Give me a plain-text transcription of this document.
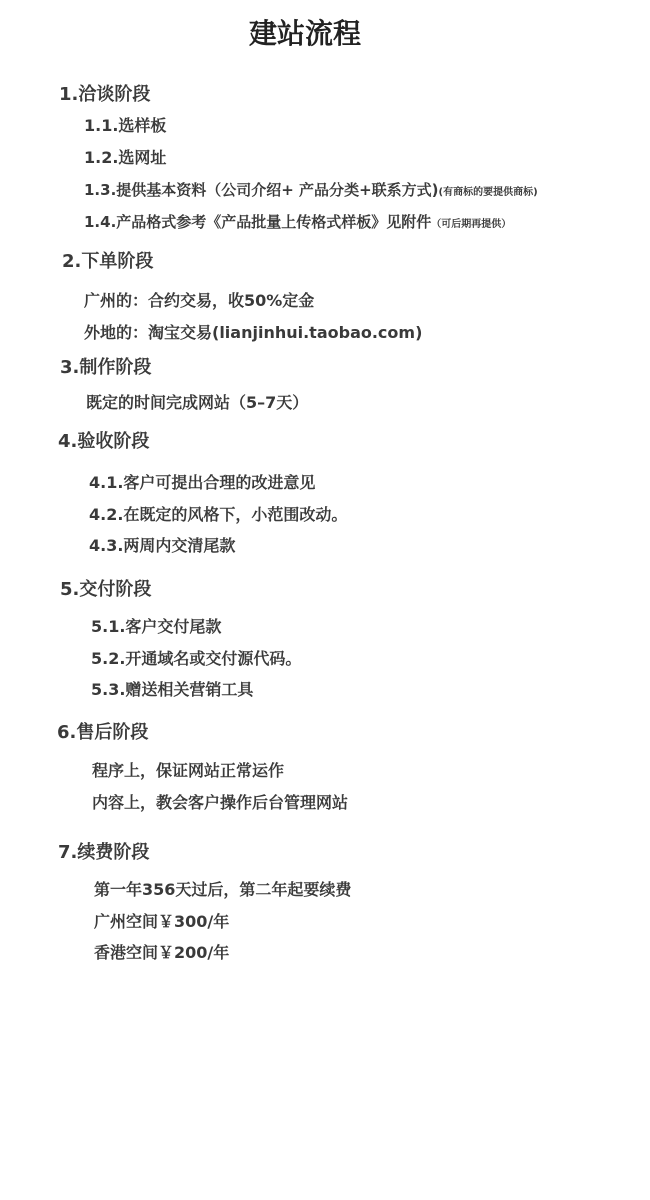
建站流程
1.洽谈阶段
1.1.选样板
1.2.选网址
1.3.提供基本资料（公司介绍+ 产品分类+联系方式)(有商标的要提供商标)
1.4.产品格式参考《产品批量上传格式样板》见附件（可后期再提供）
2.下单阶段
广州的：合约交易，收50%定金
外地的：淘宝交易(lianjinhui.taobao.com)
3.制作阶段
既定的时间完成网站（5–7天）
4.验收阶段
4.1.客户可提出合理的改进意见
4.2.在既定的风格下，小范围改动。
4.3.两周内交清尾款
5.交付阶段
5.1.客户交付尾款
5.2.开通域名或交付源代码。
5.3.赠送相关营销工具
6.售后阶段
程序上，保证网站正常运作
内容上，教会客户操作后台管理网站
7.续费阶段
第一年356天过后，第二年起要续费
广州空间￥300/年
香港空间￥200/年
